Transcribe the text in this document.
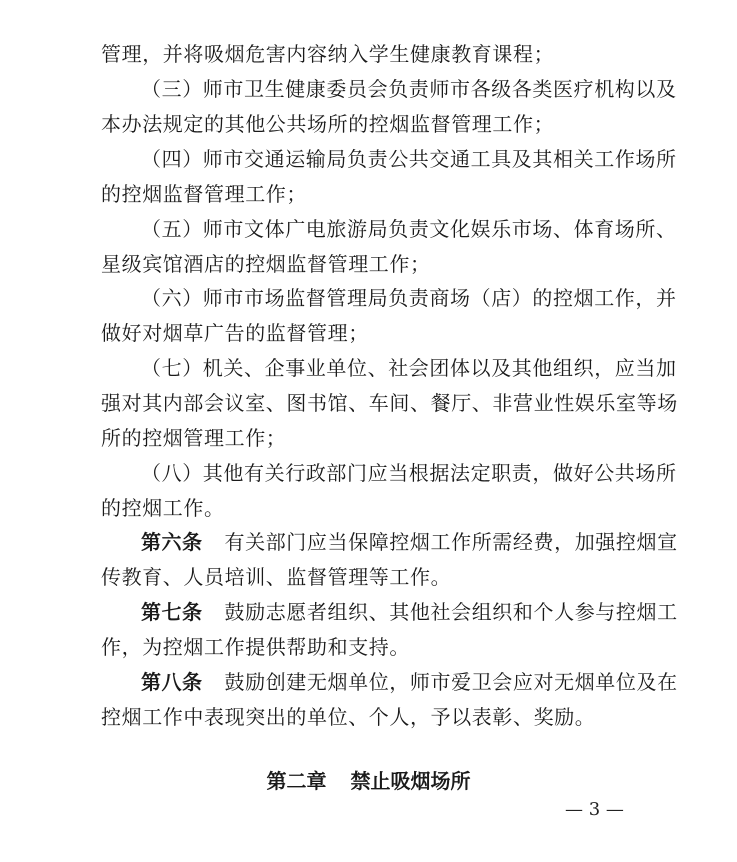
管理，并将吸烟危害内容纳入学生健康教育课程；
（三）师市卫生健康委员会负责师市各级各类医疗机构以及
本办法规定的其他公共场所的控烟监督管理工作；
（四）师市交通运输局负责公共交通工具及其相关工作场所
的控烟监督管理工作；
（五）师市文体广电旅游局负责文化娱乐市场、体育场所、
星级宾馆酒店的控烟监督管理工作；
（六）师市市场监督管理局负责商场（店）的控烟工作，并
做好对烟草广告的监督管理；
（七）机关、企事业单位、社会团体以及其他组织，应当加
强对其内部会议室、图书馆、车间、餐厅、非营业性娱乐室等场
所的控烟管理工作；
（八）其他有关行政部门应当根据法定职责，做好公共场所
的控烟工作。
第六条 有关部门应当保障控烟工作所需经费，加强控烟宣
传教育、人员培训、监督管理等工作。
第七条 鼓励志愿者组织、其他社会组织和个人参与控烟工
作，为控烟工作提供帮助和支持。
第八条 鼓励创建无烟单位，师市爱卫会应对无烟单位及在
控烟工作中表现突出的单位、个人，予以表彰、奖励。
第二章 禁止吸烟场所
— 3 —
